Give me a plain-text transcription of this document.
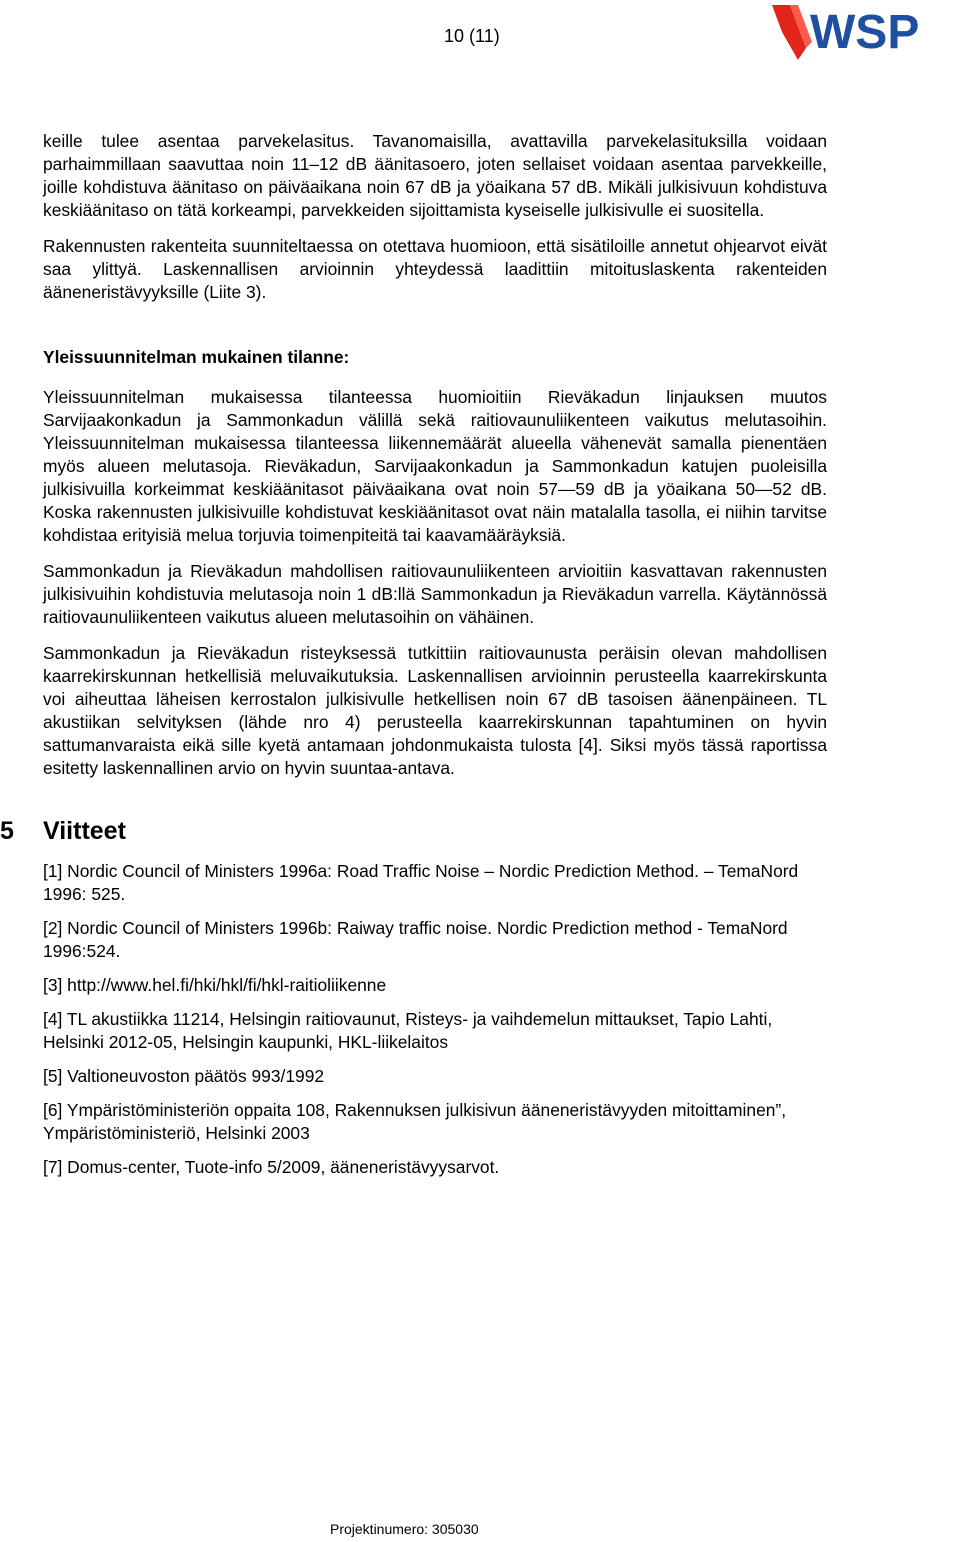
10 (11)	WSP

keille tulee asentaa parvekelasitus. Tavanomaisilla, avattavilla parvekelasituksilla voidaan parhaimmillaan saavuttaa noin 11–12 dB äänitasoero, joten sellaiset voidaan asentaa parvekkeille, joille kohdistuva äänitaso on päiväaikana noin 67 dB ja yöaikana 57 dB. Mikäli julkisivuun kohdistuva keskiäänitaso on tätä korkeampi, parvekkeiden sijoittamista kyseiselle julkisivulle ei suositella.

Rakennusten rakenteita suunniteltaessa on otettava huomioon, että sisätiloille annetut ohjearvot eivät saa ylittyä. Laskennallisen arvioinnin yhteydessä laadittiin mitoituslaskenta rakenteiden ääneneristävyyksille (Liite 3).

Yleissuunnitelman mukainen tilanne:

Yleissuunnitelman mukaisessa tilanteessa huomioitiin Rieväkadun linjauksen muutos Sarvijaakonkadun ja Sammonkadun välillä sekä raitiovaunuliikenteen vaikutus melutasoihin. Yleissuunnitelman mukaisessa tilanteessa liikennemäärät alueella vähenevät samalla pienentäen myös alueen melutasoja. Rieväkadun, Sarvijaakonkadun ja Sammonkadun katujen puoleisilla julkisivuilla korkeimmat keskiäänitasot päiväaikana ovat noin 57—59 dB ja yöaikana 50—52 dB. Koska rakennusten julkisivuille kohdistuvat keskiäänitasot ovat näin matalalla tasolla, ei niihin tarvitse kohdistaa erityisiä melua torjuvia toimenpiteitä tai kaavamääräyksiä.

Sammonkadun ja Rieväkadun mahdollisen raitiovaunuliikenteen arvioitiin kasvattavan rakennusten julkisivuihin kohdistuvia melutasoja noin 1 dB:llä Sammonkadun ja Rieväkadun varrella. Käytännössä raitiovaunuliikenteen vaikutus alueen melutasoihin on vähäinen.

Sammonkadun ja Rieväkadun risteyksessä tutkittiin raitiovaunusta peräisin olevan mahdollisen kaarrekirskunnan hetkellisiä meluvaikutuksia. Laskennallisen arvioinnin perusteella kaarrekirskunta voi aiheuttaa läheisen kerrostalon julkisivulle hetkellisen noin 67 dB tasoisen äänenpäineen. TL akustiikan selvityksen (lähde nro 4) perusteella kaarrekirskunnan tapahtuminen on hyvin sattumanvaraista eikä sille kyetä antamaan johdonmukaista tulosta [4]. Siksi myös tässä raportissa esitetty laskennallinen arvio on hyvin suuntaa-antava.

5 Viitteet
[1] Nordic Council of Ministers 1996a: Road Traffic Noise – Nordic Prediction Method. – TemaNord 1996: 525.
[2] Nordic Council of Ministers 1996b: Raiway traffic noise. Nordic Prediction method - TemaNord 1996:524.
[3] http://www.hel.fi/hki/hkl/fi/hkl-raitioliikenne
[4] TL akustiikka 11214, Helsingin raitiovaunut, Risteys- ja vaihdemelun mittaukset, Tapio Lahti, Helsinki 2012-05, Helsingin kaupunki, HKL-liikelaitos
[5] Valtioneuvoston päätös 993/1992
[6] Ympäristöministeriön oppaita 108, Rakennuksen julkisivun ääneneristävyyden mitoittaminen”, Ympäristöministeriö, Helsinki 2003
[7] Domus-center, Tuote-info 5/2009, ääneneristävyysarvot.
Projektinumero: 305030
